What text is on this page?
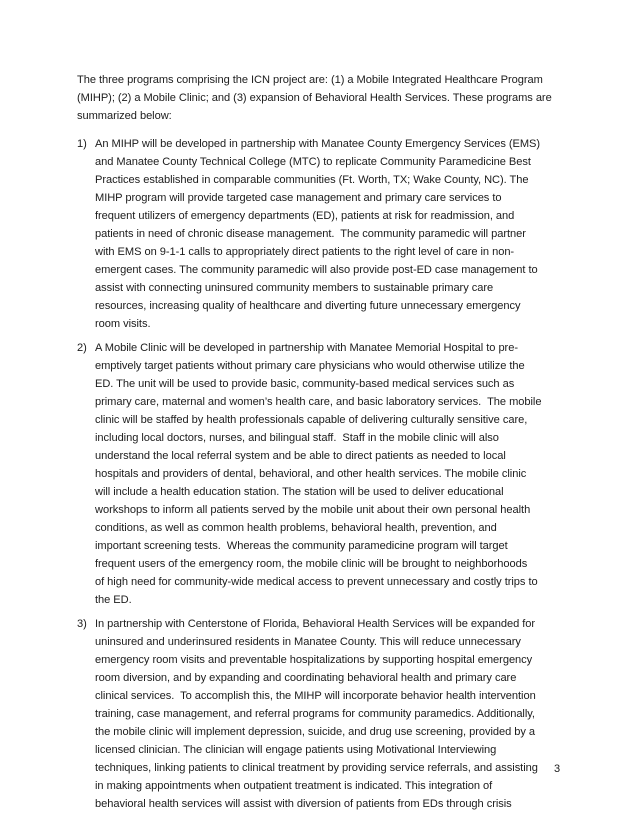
The three programs comprising the ICN project are: (1) a Mobile Integrated Healthcare Program
(MIHP); (2) a Mobile Clinic; and (3) expansion of Behavioral Health Services. These programs are
summarized below:
1) An MIHP will be developed in partnership with Manatee County Emergency Services (EMS)
and Manatee County Technical College (MTC) to replicate Community Paramedicine Best
Practices established in comparable communities (Ft. Worth, TX; Wake County, NC). The
MIHP program will provide targeted case management and primary care services to
frequent utilizers of emergency departments (ED), patients at risk for readmission, and
patients in need of chronic disease management.  The community paramedic will partner
with EMS on 9-1-1 calls to appropriately direct patients to the right level of care in non-
emergent cases. The community paramedic will also provide post-ED case management to
assist with connecting uninsured community members to sustainable primary care
resources, increasing quality of healthcare and diverting future unnecessary emergency
room visits.
2) A Mobile Clinic will be developed in partnership with Manatee Memorial Hospital to pre-
emptively target patients without primary care physicians who would otherwise utilize the
ED. The unit will be used to provide basic, community-based medical services such as
primary care, maternal and women’s health care, and basic laboratory services.  The mobile
clinic will be staffed by health professionals capable of delivering culturally sensitive care,
including local doctors, nurses, and bilingual staff.  Staff in the mobile clinic will also
understand the local referral system and be able to direct patients as needed to local
hospitals and providers of dental, behavioral, and other health services. The mobile clinic
will include a health education station. The station will be used to deliver educational
workshops to inform all patients served by the mobile unit about their own personal health
conditions, as well as common health problems, behavioral health, prevention, and
important screening tests.  Whereas the community paramedicine program will target
frequent users of the emergency room, the mobile clinic will be brought to neighborhoods
of high need for community-wide medical access to prevent unnecessary and costly trips to
the ED.
3) In partnership with Centerstone of Florida, Behavioral Health Services will be expanded for
uninsured and underinsured residents in Manatee County. This will reduce unnecessary
emergency room visits and preventable hospitalizations by supporting hospital emergency
room diversion, and by expanding and coordinating behavioral health and primary care
clinical services.  To accomplish this, the MIHP will incorporate behavior health intervention
training, case management, and referral programs for community paramedics. Additionally,
the mobile clinic will implement depression, suicide, and drug use screening, provided by a
licensed clinician. The clinician will engage patients using Motivational Interviewing
techniques, linking patients to clinical treatment by providing service referrals, and assisting
in making appointments when outpatient treatment is indicated. This integration of
behavioral health services will assist with diversion of patients from EDs through crisis
3
